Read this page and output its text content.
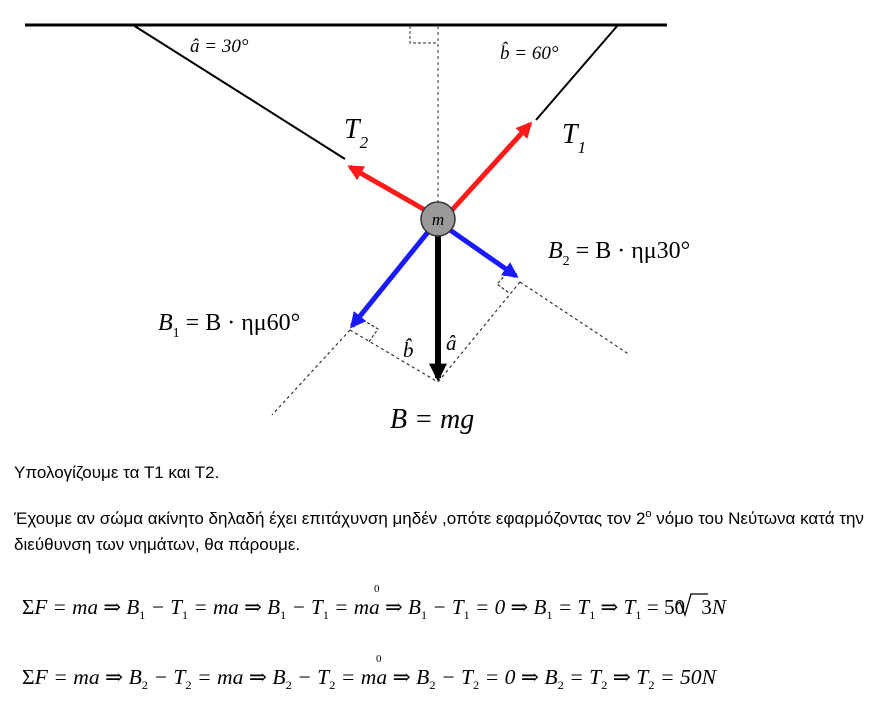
m
â = 30°	b̂ = 60°
$T_2$	$T_1$
$B_2 = B \cdot \eta\mu 30^\circ$
$B_1 = B \cdot \eta\mu 60^\circ$
b̂ â
B = mg

Υπολογίζουμε τα Τ1 και Τ2.

Έχουμε αν σώμα ακίνητο δηλαδή έχει επιτάχυνση μηδέν ,οπότε εφαρμόζοντας τον $2^o$ νόμο του Νεύτωνα κατά την διεύθυνση των νημάτων, θα πάρουμε.

ΣF = ma ⇒ $B_1 - T_1$ = ma ⇒ $B_1 - T_1$ = ma ⇒ $B_1 - T_1 = 0$ ⇒ $B_1 = T_1$ ⇒ $T_1 = 50$ 3N
0
ΣF = ma ⇒ B $_2 - T_2$ = ma ⇒ B $_2 - T_2$ = ma ⇒ $B_2 - T_2 = 0$ ⇒ B $_2 = T_2$ ⇒ $T_2 = 50N$
0
